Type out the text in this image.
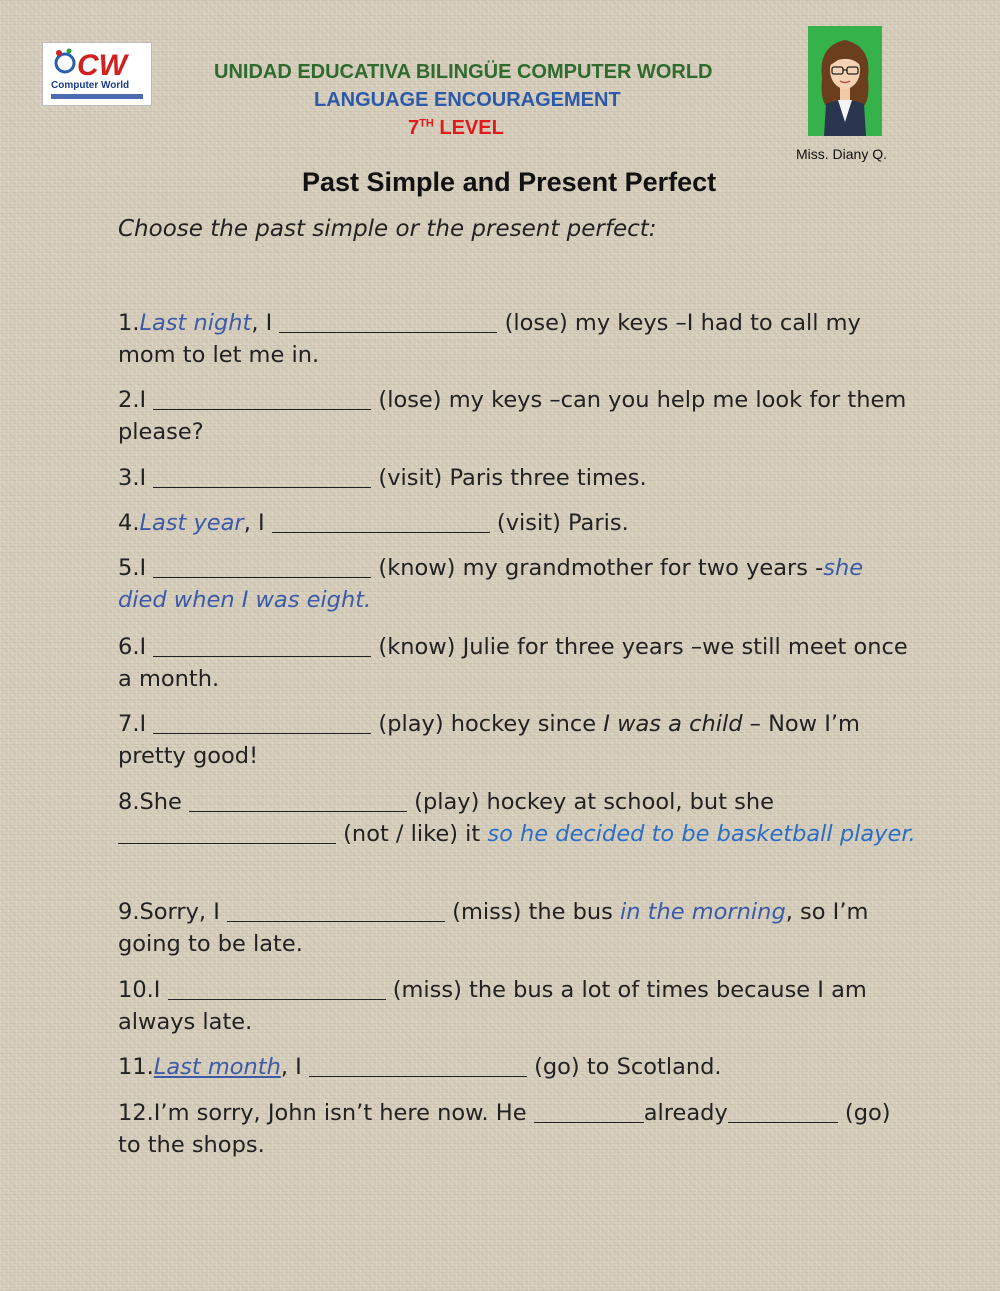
CW
Computer World
UNIDAD EDUCATIVA BILINGÜE COMPUTER WORLD
LANGUAGE ENCOURAGEMENT
7TH LEVEL
Miss. Diany Q.
Past Simple and Present Perfect
Choose the past simple or the present perfect:
1.Last night, I	(lose) my keys –I had to call my mom to let me in.
2.I	(lose) my keys –can you help me look for them please?
3.I	(visit) Paris three times.
4.Last year, I	(visit) Paris.
5.I	(know) my grandmother for two years -she died when I was eight.
6.I	(know) Julie for three years –we still meet once a month.
7.I	(play) hockey since I was a child – Now I’m pretty good!
8.She	(play) hockey at school, but she  (not / like) it so he decided to be basketball player.
9.Sorry, I	(miss) the bus in the morning, so I’m going to be late.
10.I	(miss) the bus a lot of times because I am always late.
11.Last month, I	(go) to Scotland.
12.I’m sorry, John isn’t here now. He	already	(go) to the shops.
